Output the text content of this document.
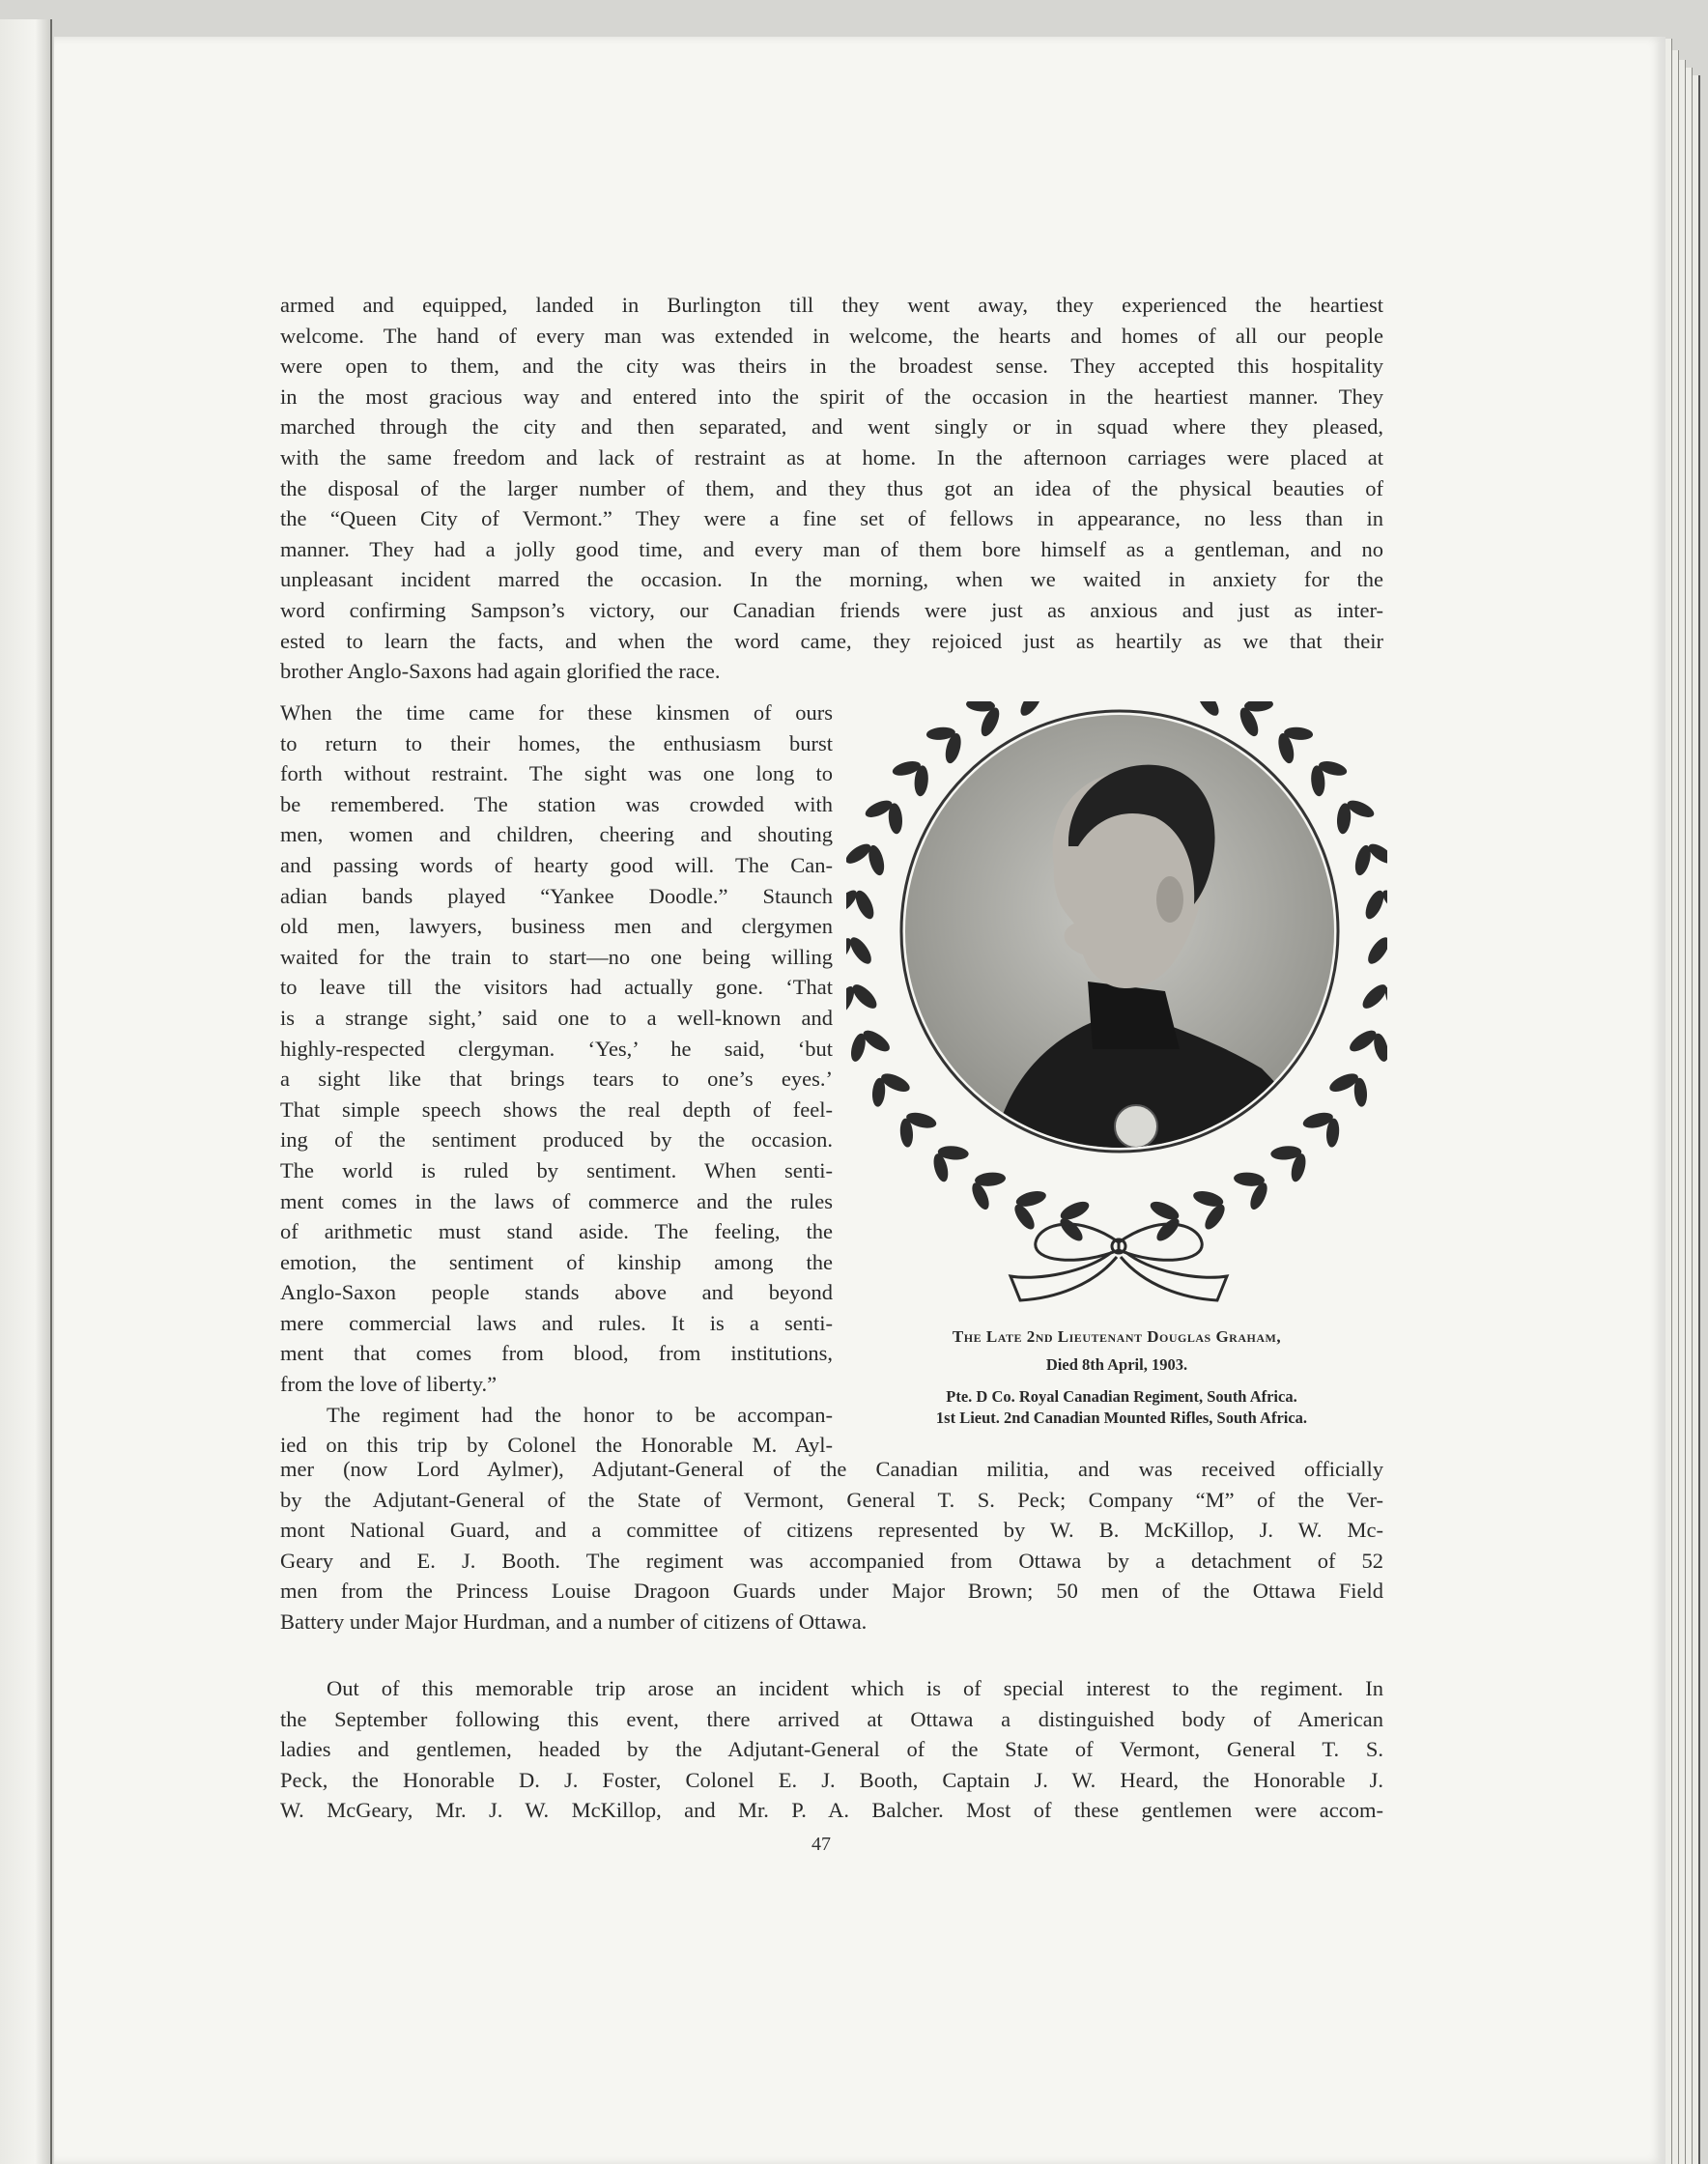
armed and equipped, landed in Burlington till they went away, they experienced the heartiest
welcome. The hand of every man was extended in welcome, the hearts and homes of all our people
were open to them, and the city was theirs in the broadest sense. They accepted this hospitality
in the most gracious way and entered into the spirit of the occasion in the heartiest manner. They
marched through the city and then separated, and went singly or in squad where they pleased,
with the same freedom and lack of restraint as at home. In the afternoon carriages were placed at
the disposal of the larger number of them, and they thus got an idea of the physical beauties of
the “Queen City of Vermont.” They were a fine set of fellows in appearance, no less than in
manner. They had a jolly good time, and every man of them bore himself as a gentleman, and no
unpleasant incident marred the occasion. In the morning, when we waited in anxiety for the
word confirming Sampson’s victory, our Canadian friends were just as anxious and just as inter-
ested to learn the facts, and when the word came, they rejoiced just as heartily as we that their
brother Anglo-Saxons had again glorified the race.
When the time came for these kinsmen of ours
to return to their homes, the enthusiasm burst
forth without restraint. The sight was one long to
be remembered. The station was crowded with
men, women and children, cheering and shouting
and passing words of hearty good will. The Can-
adian bands played “Yankee Doodle.” Staunch
old men, lawyers, business men and clergymen
waited for the train to start—no one being willing
to leave till the visitors had actually gone. ‘That
is a strange sight,’ said one to a well-known and
highly-respected clergyman. ‘Yes,’ he said, ‘but
a sight like that brings tears to one’s eyes.’
That simple speech shows the real depth of feel-
ing of the sentiment produced by the occasion.
The world is ruled by sentiment. When senti-
ment comes in the laws of commerce and the rules
of arithmetic must stand aside. The feeling, the
emotion, the sentiment of kinship among the
Anglo-Saxon people stands above and beyond
mere commercial laws and rules. It is a senti-
ment that comes from blood, from institutions,
from the love of liberty.”
The regiment had the honor to be accompan-
ied on this trip by Colonel the Honorable M. Ayl-
The Late 2nd Lieutenant Douglas Graham,
Died 8th April, 1903.
Pte. D Co. Royal Canadian Regiment, South Africa.
1st Lieut. 2nd Canadian Mounted Rifles, South Africa.
mer (now Lord Aylmer), Adjutant-General of the Canadian militia, and was received officially
by the Adjutant-General of the State of Vermont, General T. S. Peck; Company “M” of the Ver-
mont National Guard, and a committee of citizens represented by W. B. McKillop, J. W. Mc-
Geary and E. J. Booth. The regiment was accompanied from Ottawa by a detachment of 52
men from the Princess Louise Dragoon Guards under Major Brown; 50 men of the Ottawa Field
Battery under Major Hurdman, and a number of citizens of Ottawa.
Out of this memorable trip arose an incident which is of special interest to the regiment. In
the September following this event, there arrived at Ottawa a distinguished body of American
ladies and gentlemen, headed by the Adjutant-General of the State of Vermont, General T. S.
Peck, the Honorable D. J. Foster, Colonel E. J. Booth, Captain J. W. Heard, the Honorable J.
W. McGeary, Mr. J. W. McKillop, and Mr. P. A. Balcher. Most of these gentlemen were accom-
47
